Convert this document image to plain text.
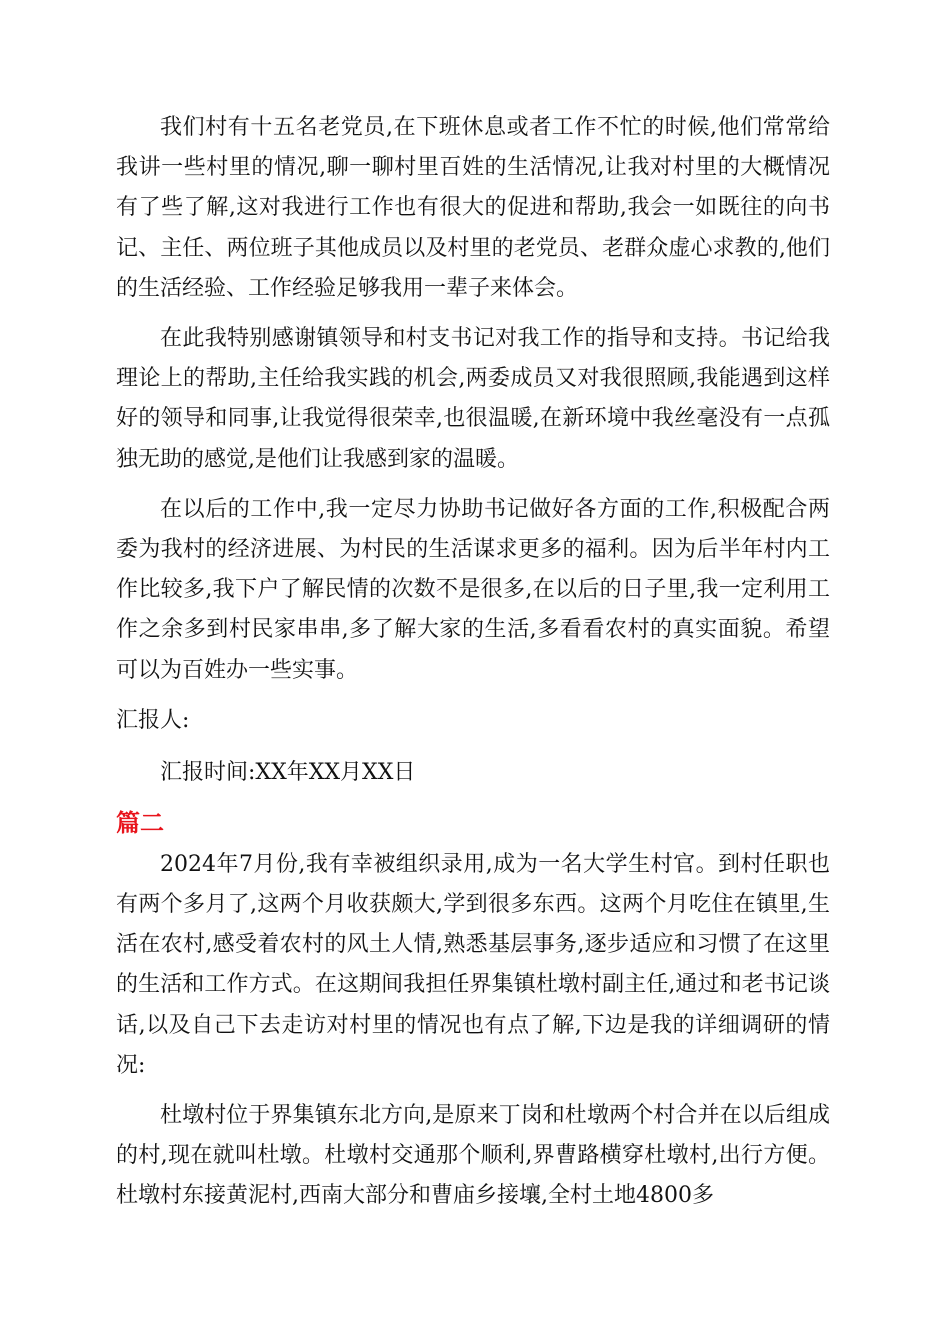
我们村有十五名老党员,在下班休息或者工作不忙的时候,他们常常给我讲一些村里的情况,聊一聊村里百姓的生活情况,让我对村里的大概情况有了些了解,这对我进行工作也有很大的促进和帮助,我会一如既往的向书记、主任、两位班子其他成员以及村里的老党员、老群众虚心求教的,他们的生活经验、工作经验足够我用一辈子来体会。

在此我特别感谢镇领导和村支书记对我工作的指导和支持。书记给我理论上的帮助,主任给我实践的机会,两委成员又对我很照顾,我能遇到这样好的领导和同事,让我觉得很荣幸,也很温暖,在新环境中我丝毫没有一点孤独无助的感觉,是他们让我感到家的温暖。

在以后的工作中,我一定尽力协助书记做好各方面的工作,积极配合两委为我村的经济进展、为村民的生活谋求更多的福利。因为后半年村内工作比较多,我下户了解民情的次数不是很多,在以后的日子里,我一定利用工作之余多到村民家串串,多了解大家的生活,多看看农村的真实面貌。希望可以为百姓办一些实事。

汇报人:

汇报时间:XX年XX月XX日

篇二

2024年7月份,我有幸被组织录用,成为一名大学生村官。到村任职也有两个多月了,这两个月收获颇大,学到很多东西。这两个月吃住在镇里,生活在农村,感受着农村的风土人情,熟悉基层事务,逐步适应和习惯了在这里的生活和工作方式。在这期间我担任界集镇杜墩村副主任,通过和老书记谈话,以及自己下去走访对村里的情况也有点了解,下边是我的详细调研的情况:

杜墩村位于界集镇东北方向,是原来丁岗和杜墩两个村合并在以后组成的村,现在就叫杜墩。杜墩村交通那个顺利,界曹路横穿杜墩村,出行方便。杜墩村东接黄泥村,西南大部分和曹庙乡接壤,全村土地4800多
